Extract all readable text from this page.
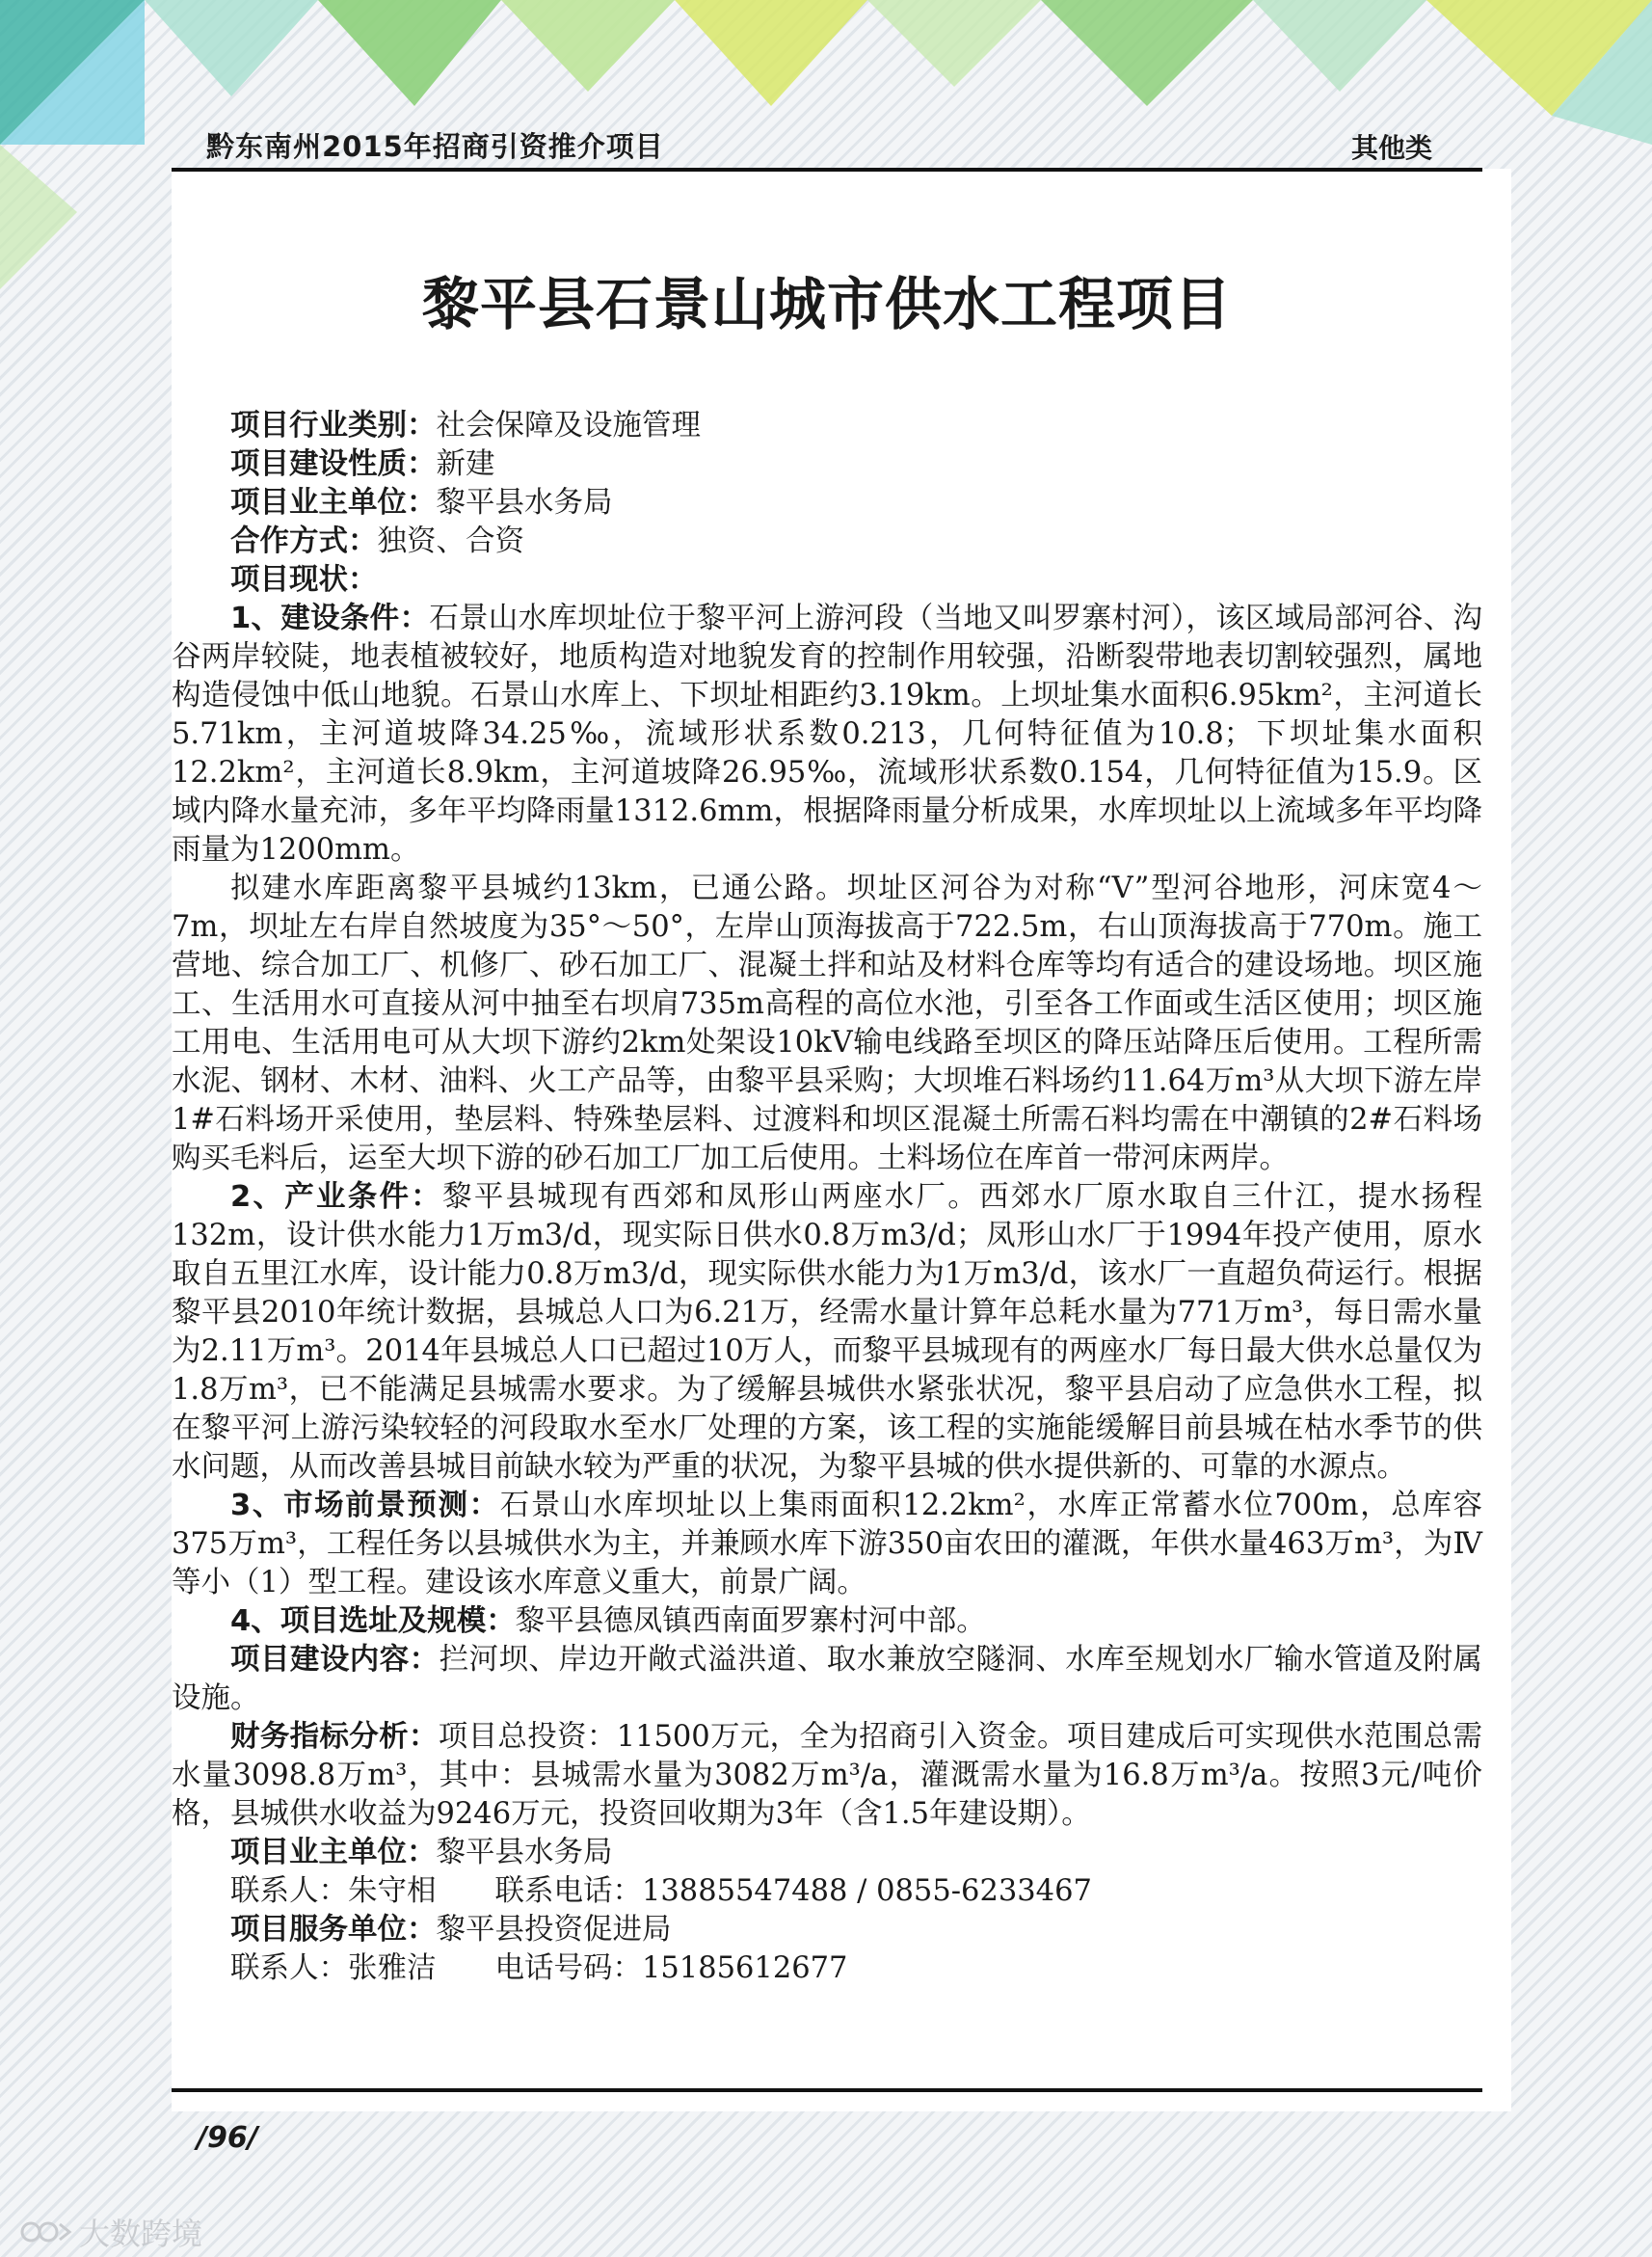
黔东南州2015年招商引资推介项目	其他类
黎平县石景山城市供水工程项目

项目行业类别：社会保障及设施管理

项目建设性质：新建

项目业主单位：黎平县水务局

合作方式：独资、合资

项目现状：

1、建设条件：石景山水库坝址位于黎平河上游河段（当地又叫罗寨村河），该区域局部河谷、沟谷两岸较陡，地表植被较好，地质构造对地貌发育的控制作用较强，沿断裂带地表切割较强烈，属地构造侵蚀中低山地貌。石景山水库上、下坝址相距约3.19km。上坝址集水面积6.95km²，主河道长5.71km，主河道坡降34.25‰，流域形状系数0.213，几何特征值为10.8；下坝址集水面积12.2km²，主河道长8.9km，主河道坡降26.95‰，流域形状系数0.154，几何特征值为15.9。区域内降水量充沛，多年平均降雨量1312.6mm，根据降雨量分析成果，水库坝址以上流域多年平均降雨量为1200mm。

拟建水库距离黎平县城约13km，已通公路。坝址区河谷为对称“V”型河谷地形，河床宽4～7m，坝址左右岸自然坡度为35°～50°，左岸山顶海拔高于722.5m，右山顶海拔高于770m。施工营地、综合加工厂、机修厂、砂石加工厂、混凝土拌和站及材料仓库等均有适合的建设场地。坝区施工、生活用水可直接从河中抽至右坝肩735m高程的高位水池，引至各工作面或生活区使用；坝区施工用电、生活用电可从大坝下游约2km处架设10kV输电线路至坝区的降压站降压后使用。工程所需水泥、钢材、木材、油料、火工产品等，由黎平县采购；大坝堆石料场约11.64万m³从大坝下游左岸1#石料场开采使用，垫层料、特殊垫层料、过渡料和坝区混凝土所需石料均需在中潮镇的2#石料场购买毛料后，运至大坝下游的砂石加工厂加工后使用。土料场位在库首一带河床两岸。

2、产业条件：黎平县城现有西郊和凤形山两座水厂。西郊水厂原水取自三什江，提水扬程132m，设计供水能力1万m3/d，现实际日供水0.8万m3/d；凤形山水厂于1994年投产使用，原水取自五里江水库，设计能力0.8万m3/d，现实际供水能力为1万m3/d，该水厂一直超负荷运行。根据黎平县2010年统计数据，县城总人口为6.21万，经需水量计算年总耗水量为771万m³，每日需水量为2.11万m³。2014年县城总人口已超过10万人，而黎平县城现有的两座水厂每日最大供水总量仅为1.8万m³，已不能满足县城需水要求。为了缓解县城供水紧张状况，黎平县启动了应急供水工程，拟在黎平河上游污染较轻的河段取水至水厂处理的方案，该工程的实施能缓解目前县城在枯水季节的供水问题，从而改善县城目前缺水较为严重的状况，为黎平县城的供水提供新的、可靠的水源点。

3、市场前景预测：石景山水库坝址以上集雨面积12.2km²，水库正常蓄水位700m，总库容375万m³，工程任务以县城供水为主，并兼顾水库下游350亩农田的灌溉，年供水量463万m³，为Ⅳ等小（1）型工程。建设该水库意义重大，前景广阔。

4、项目选址及规模：黎平县德凤镇西南面罗寨村河中部。

项目建设内容：拦河坝、岸边开敞式溢洪道、取水兼放空隧洞、水库至规划水厂输水管道及附属设施。

财务指标分析：项目总投资：11500万元，全为招商引入资金。项目建成后可实现供水范围总需水量3098.8万m³，其中：县城需水量为3082万m³/a，灌溉需水量为16.8万m³/a。按照3元/吨价格，县城供水收益为9246万元，投资回收期为3年（含1.5年建设期）。

项目业主单位：黎平县水务局

联系人：朱守相　　联系电话：13885547488 / 0855-6233467

项目服务单位：黎平县投资促进局

联系人：张雅洁　　电话号码：15185612677

/96/
大数跨境
